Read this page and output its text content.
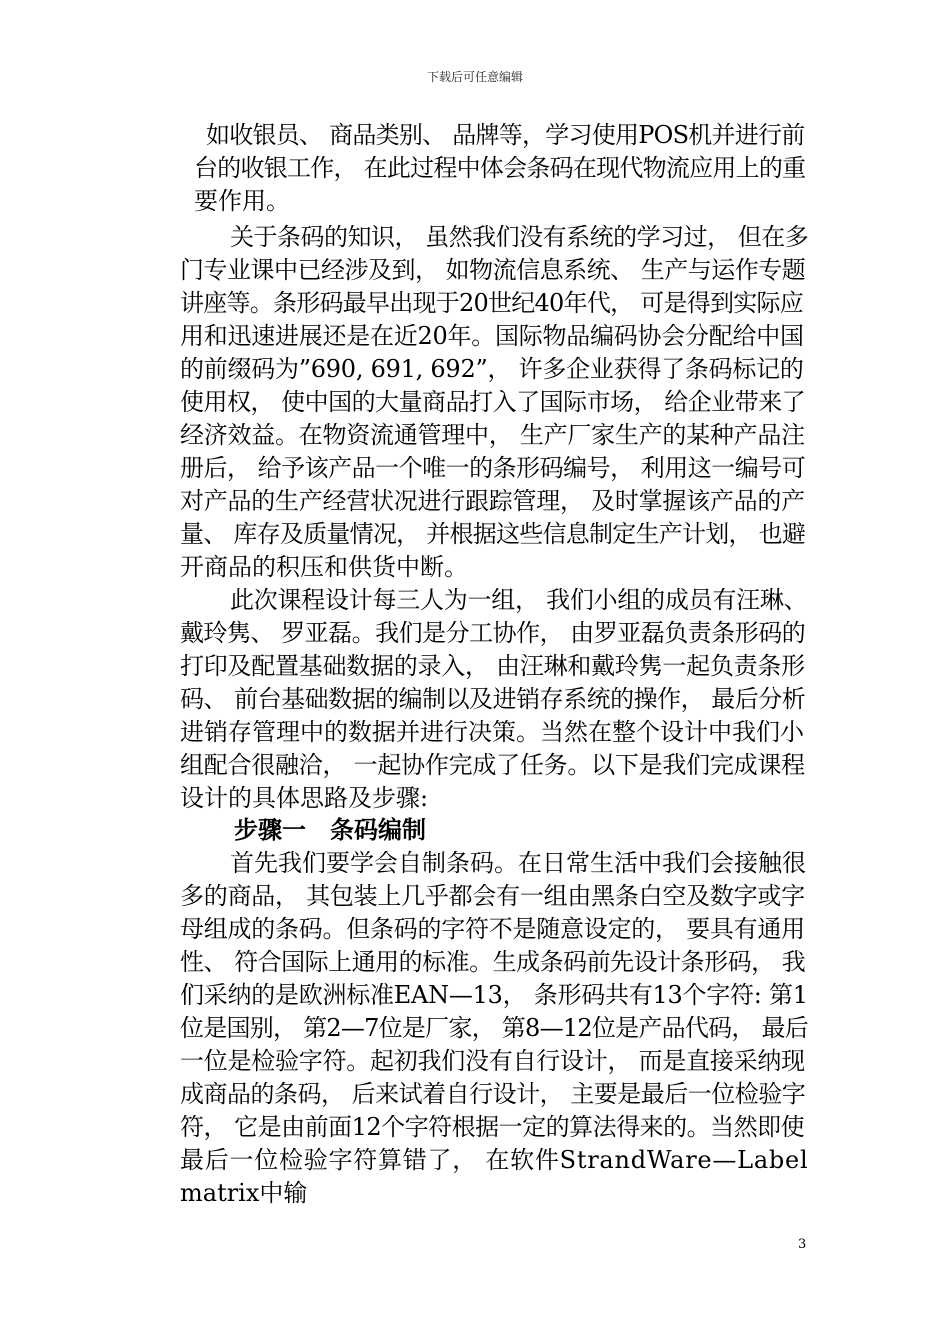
下载后可任意编辑
如收银员、 商品类别、 品牌等，学习使用POS机并进行前
台的收银工作， 在此过程中体会条码在现代物流应用上的重
要作用。
关于条码的知识， 虽然我们没有系统的学习过， 但在多
门专业课中已经涉及到， 如物流信息系统、 生产与运作专题
讲座等。条形码最早出现于20世纪40年代， 可是得到实际应
用和迅速进展还是在近20年。国际物品编码协会分配给中国
的前缀码为”690, 691, 692”， 许多企业获得了条码标记的
使用权， 使中国的大量商品打入了国际市场， 给企业带来了
经济效益。在物资流通管理中， 生产厂家生产的某种产品注
册后， 给予该产品一个唯一的条形码编号， 利用这一编号可
对产品的生产经营状况进行跟踪管理， 及时掌握该产品的产
量、 库存及质量情况， 并根据这些信息制定生产计划， 也避
开商品的积压和供货中断。
此次课程设计每三人为一组， 我们小组的成员有汪琳、
戴玲隽、 罗亚磊。我们是分工协作， 由罗亚磊负责条形码的
打印及配置基础数据的录入， 由汪琳和戴玲隽一起负责条形
码、 前台基础数据的编制以及进销存系统的操作， 最后分析
进销存管理中的数据并进行决策。当然在整个设计中我们小
组配合很融洽， 一起协作完成了任务。以下是我们完成课程
设计的具体思路及步骤:
步骤一　条码编制
首先我们要学会自制条码。在日常生活中我们会接触很
多的商品， 其包装上几乎都会有一组由黑条白空及数字或字
母组成的条码。但条码的字符不是随意设定的， 要具有通用
性、 符合国际上通用的标准。生成条码前先设计条形码， 我
们采纳的是欧洲标准EAN—13， 条形码共有13个字符: 第1
位是国别， 第2—7位是厂家， 第8—12位是产品代码， 最后
一位是检验字符。起初我们没有自行设计， 而是直接采纳现
成商品的条码， 后来试着自行设计， 主要是最后一位检验字
符， 它是由前面12个字符根据一定的算法得来的。当然即使
最后一位检验字符算错了， 在软件StrandWare—Label
matrix中输
3
